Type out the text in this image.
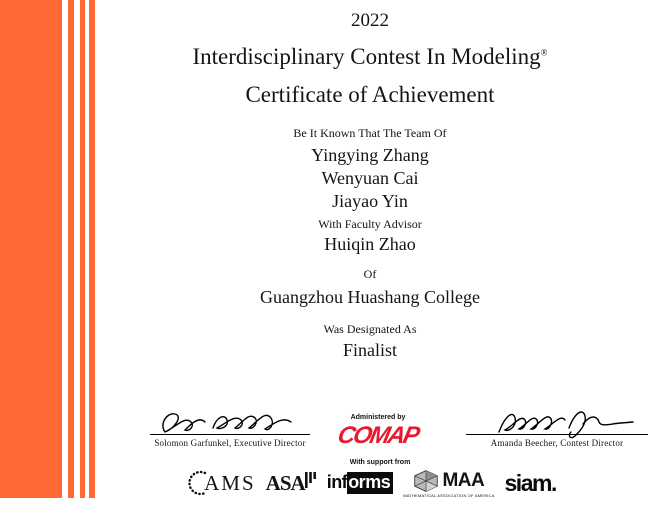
2022
Interdisciplinary Contest In Modeling®
Certificate of Achievement
Be It Known That The Team Of
Yingying Zhang
Wenyuan Cai
Jiayao Yin
With Faculty Advisor
Huiqin Zhao
Of
Guangzhou Huashang College
Was Designated As
Finalist
Solomon Garfunkel, Executive Director
Administered by
COMAP
With support from
Amanda Beecher, Contest Director
AMS ASA inf orms	MAA
MATHEMATICAL ASSOCIATION OF AMERICA siam.
